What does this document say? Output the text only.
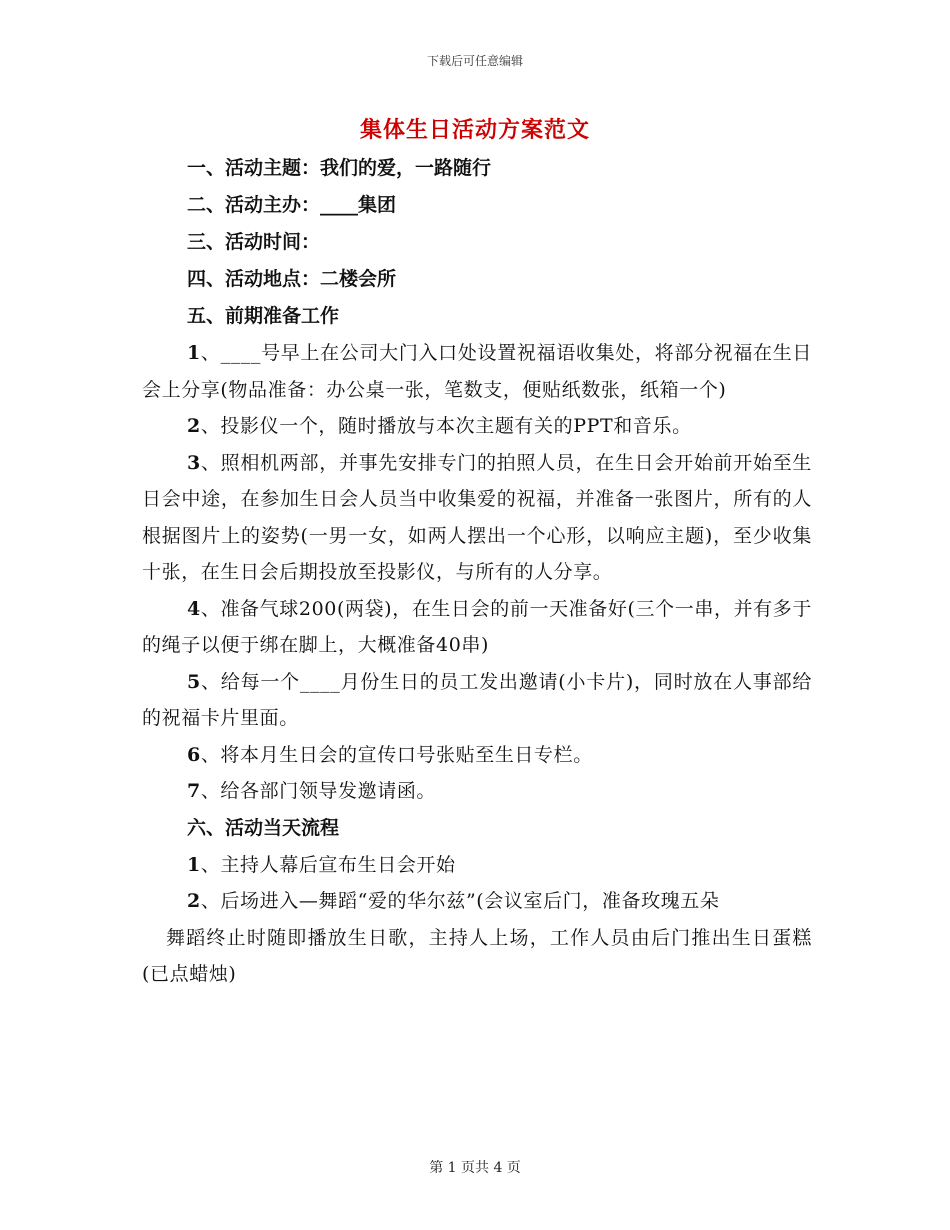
下载后可任意编辑
集体生日活动方案范文
一、活动主题：我们的爱，一路随行
二、活动主办：____集团
三、活动时间：
四、活动地点：二楼会所
五、前期准备工作
1、____号早上在公司大门入口处设置祝福语收集处，将部分祝福在生日会上分享(物品准备：办公桌一张，笔数支，便贴纸数张，纸箱一个)
2、投影仪一个，随时播放与本次主题有关的PPT和音乐。
3、照相机两部，并事先安排专门的拍照人员，在生日会开始前开始至生日会中途，在参加生日会人员当中收集爱的祝福，并准备一张图片，所有的人根据图片上的姿势(一男一女，如两人摆出一个心形，以响应主题)，至少收集十张，在生日会后期投放至投影仪，与所有的人分享。
4、准备气球200(两袋)，在生日会的前一天准备好(三个一串，并有多于的绳子以便于绑在脚上，大概准备40串)
5、给每一个____月份生日的员工发出邀请(小卡片)，同时放在人事部给的祝福卡片里面。
6、将本月生日会的宣传口号张贴至生日专栏。
7、给各部门领导发邀请函。
六、活动当天流程
1、主持人幕后宣布生日会开始
2、后场进入—舞蹈“爱的华尔兹”(会议室后门，准备玫瑰五朵
舞蹈终止时随即播放生日歌，主持人上场，工作人员由后门推出生日蛋糕(已点蜡烛)
第 1 页共 4 页
